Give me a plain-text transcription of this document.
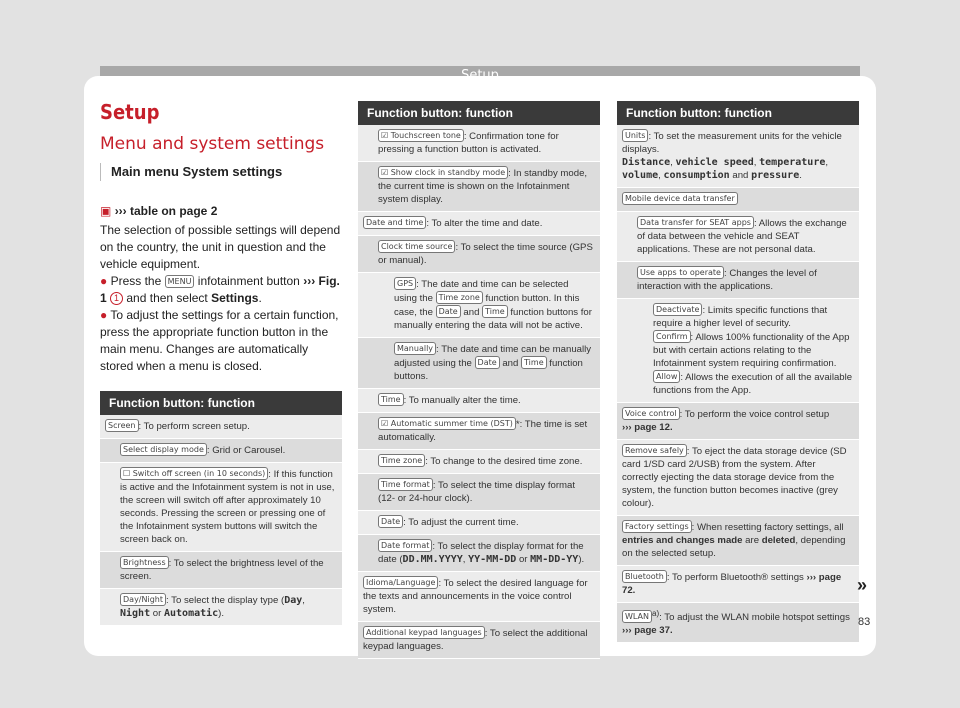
Setup
Menu and system settings
Main menu System settings
▣ ››› table on page 2

The selection of possible settings will depend on the country, the unit in question and the vehicle equipment.

● Press the MENU infotainment button ››› Fig. 1 1 and then select Settings.

● To adjust the settings for a certain function, press the appropriate function button in the main menu. Changes are automatically stored when a menu is closed.

Function button: function
Screen : To perform screen setup.
Select display mode : Grid or Carousel.
☐ Switch off screen (in 10 seconds) : If this function is active and the Infotainment system is not in use, the screen will switch off after approximately 10 seconds. Pressing the screen or pressing one of the Infotainment system buttons will switch the screen back on.
Brightness : To select the brightness level of the screen.
Day/Night : To select the display type (Day, Night or Automatic).
Function button: function
☑ Touchscreen tone : Confirmation tone for pressing a function button is activated.
☑ Show clock in standby mode : In standby mode, the current time is shown on the Infotainment system display.
Date and time : To alter the time and date.
Clock time source : To select the time source (GPS or manual).
GPS : The date and time can be selected using the Time zone function button. In this case, the Date and Time function buttons for manually entering the data will not be active.
Manually : The date and time can be manually adjusted using the Date and Time function buttons.
Time : To manually alter the time.
☑ Automatic summer time (DST) *: The time is set automatically.
Time zone : To change to the desired time zone.
Time format : To select the time display format (12- or 24-hour clock).
Date : To adjust the current time.
Date format : To select the display format for the date (DD.MM.YYYY, YY-MM-DD or MM-DD-YY).
Idioma/Language : To select the desired language for the texts and announcements in the voice control system.
Additional keypad languages : To select the additional keypad languages.
Function button: function
Units : To set the measurement units for the vehicle displays.
Distance, vehicle speed, temperature, volume, consumption and pressure.
Mobile device data transfer
Data transfer for SEAT apps : Allows the exchange of data between the vehicle and SEAT applications. These are not personal data.
Use apps to operate : Changes the level of interaction with the applications.
Deactivate : Limits specific functions that require a higher level of security.
Confirm : Allows 100% functionality of the App but with certain actions relating to the Infotainment system requiring confirmation.
Allow : Allows the execution of all the available functions from the App.
Voice control : To perform the voice control setup
››› page 12.
Remove safely : To eject the data storage device (SD card 1/SD card 2/USB) from the system. After correctly ejecting the data storage device from the system, the function button becomes inactive (grey colour).
Factory settings : When resetting factory settings, all entries and changes made are deleted, depending on the selected setup.
Bluetooth : To perform Bluetooth® settings ››› page 72.
WLAN $^{a)}$: To adjust the WLAN mobile hotspot settings
››› page 37.
»
83
